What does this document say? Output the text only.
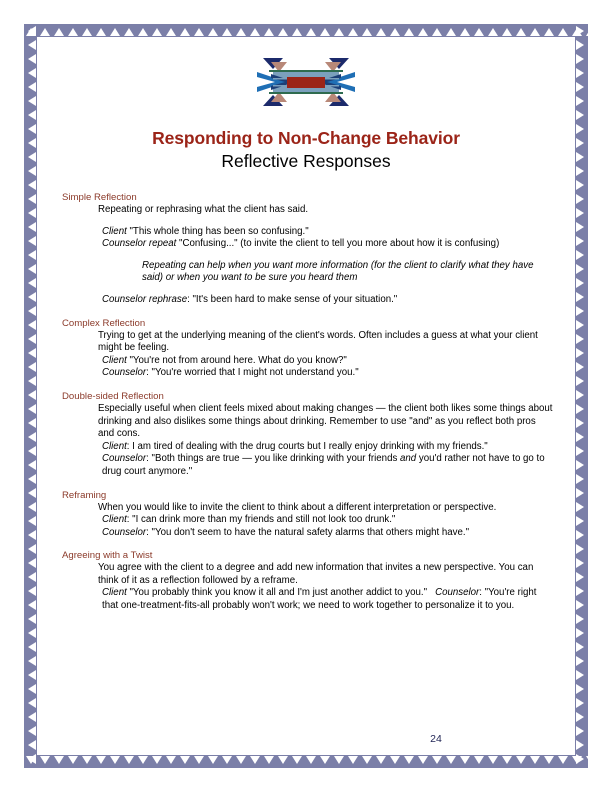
Responding to Non-Change Behavior
Reflective Responses
Simple Reflection
Repeating or rephrasing what the client has said.
Client "This whole thing has been so confusing."
Counselor repeat "Confusing..." (to invite the client to tell you more about how it is confusing)
Repeating can help when you want more information (for the client to clarify what they have said) or when you want to be sure you heard them
Counselor rephrase: "It's been hard to make sense of your situation."
Complex Reflection
Trying to get at the underlying meaning of the client's words. Often includes a guess at what your client might be feeling.
Client "You're not from around here. What do you know?"
Counselor: "You're worried that I might not understand you."
Double-sided Reflection
Especially useful when client feels mixed about making changes — the client both likes some things about drinking and also dislikes some things about drinking. Remember to use "and" as you reflect both pros and cons.
Client: I am tired of dealing with the drug courts but I really enjoy drinking with my friends."
Counselor: "Both things are true — you like drinking with your friends and you'd rather not have to go to drug court anymore."
Reframing
When you would like to invite the client to think about a different interpretation or perspective.
Client: "I can drink more than my friends and still not look too drunk."
Counselor: "You don't seem to have the natural safety alarms that others might have."
Agreeing with a Twist
You agree with the client to a degree and add new information that invites a new perspective. You can think of it as a reflection followed by a reframe.
Client "You probably think you know it all and I'm just another addict to you."   Counselor: "You're right that one-treatment-fits-all probably won't work; we need to work together to personalize it to you.
24
